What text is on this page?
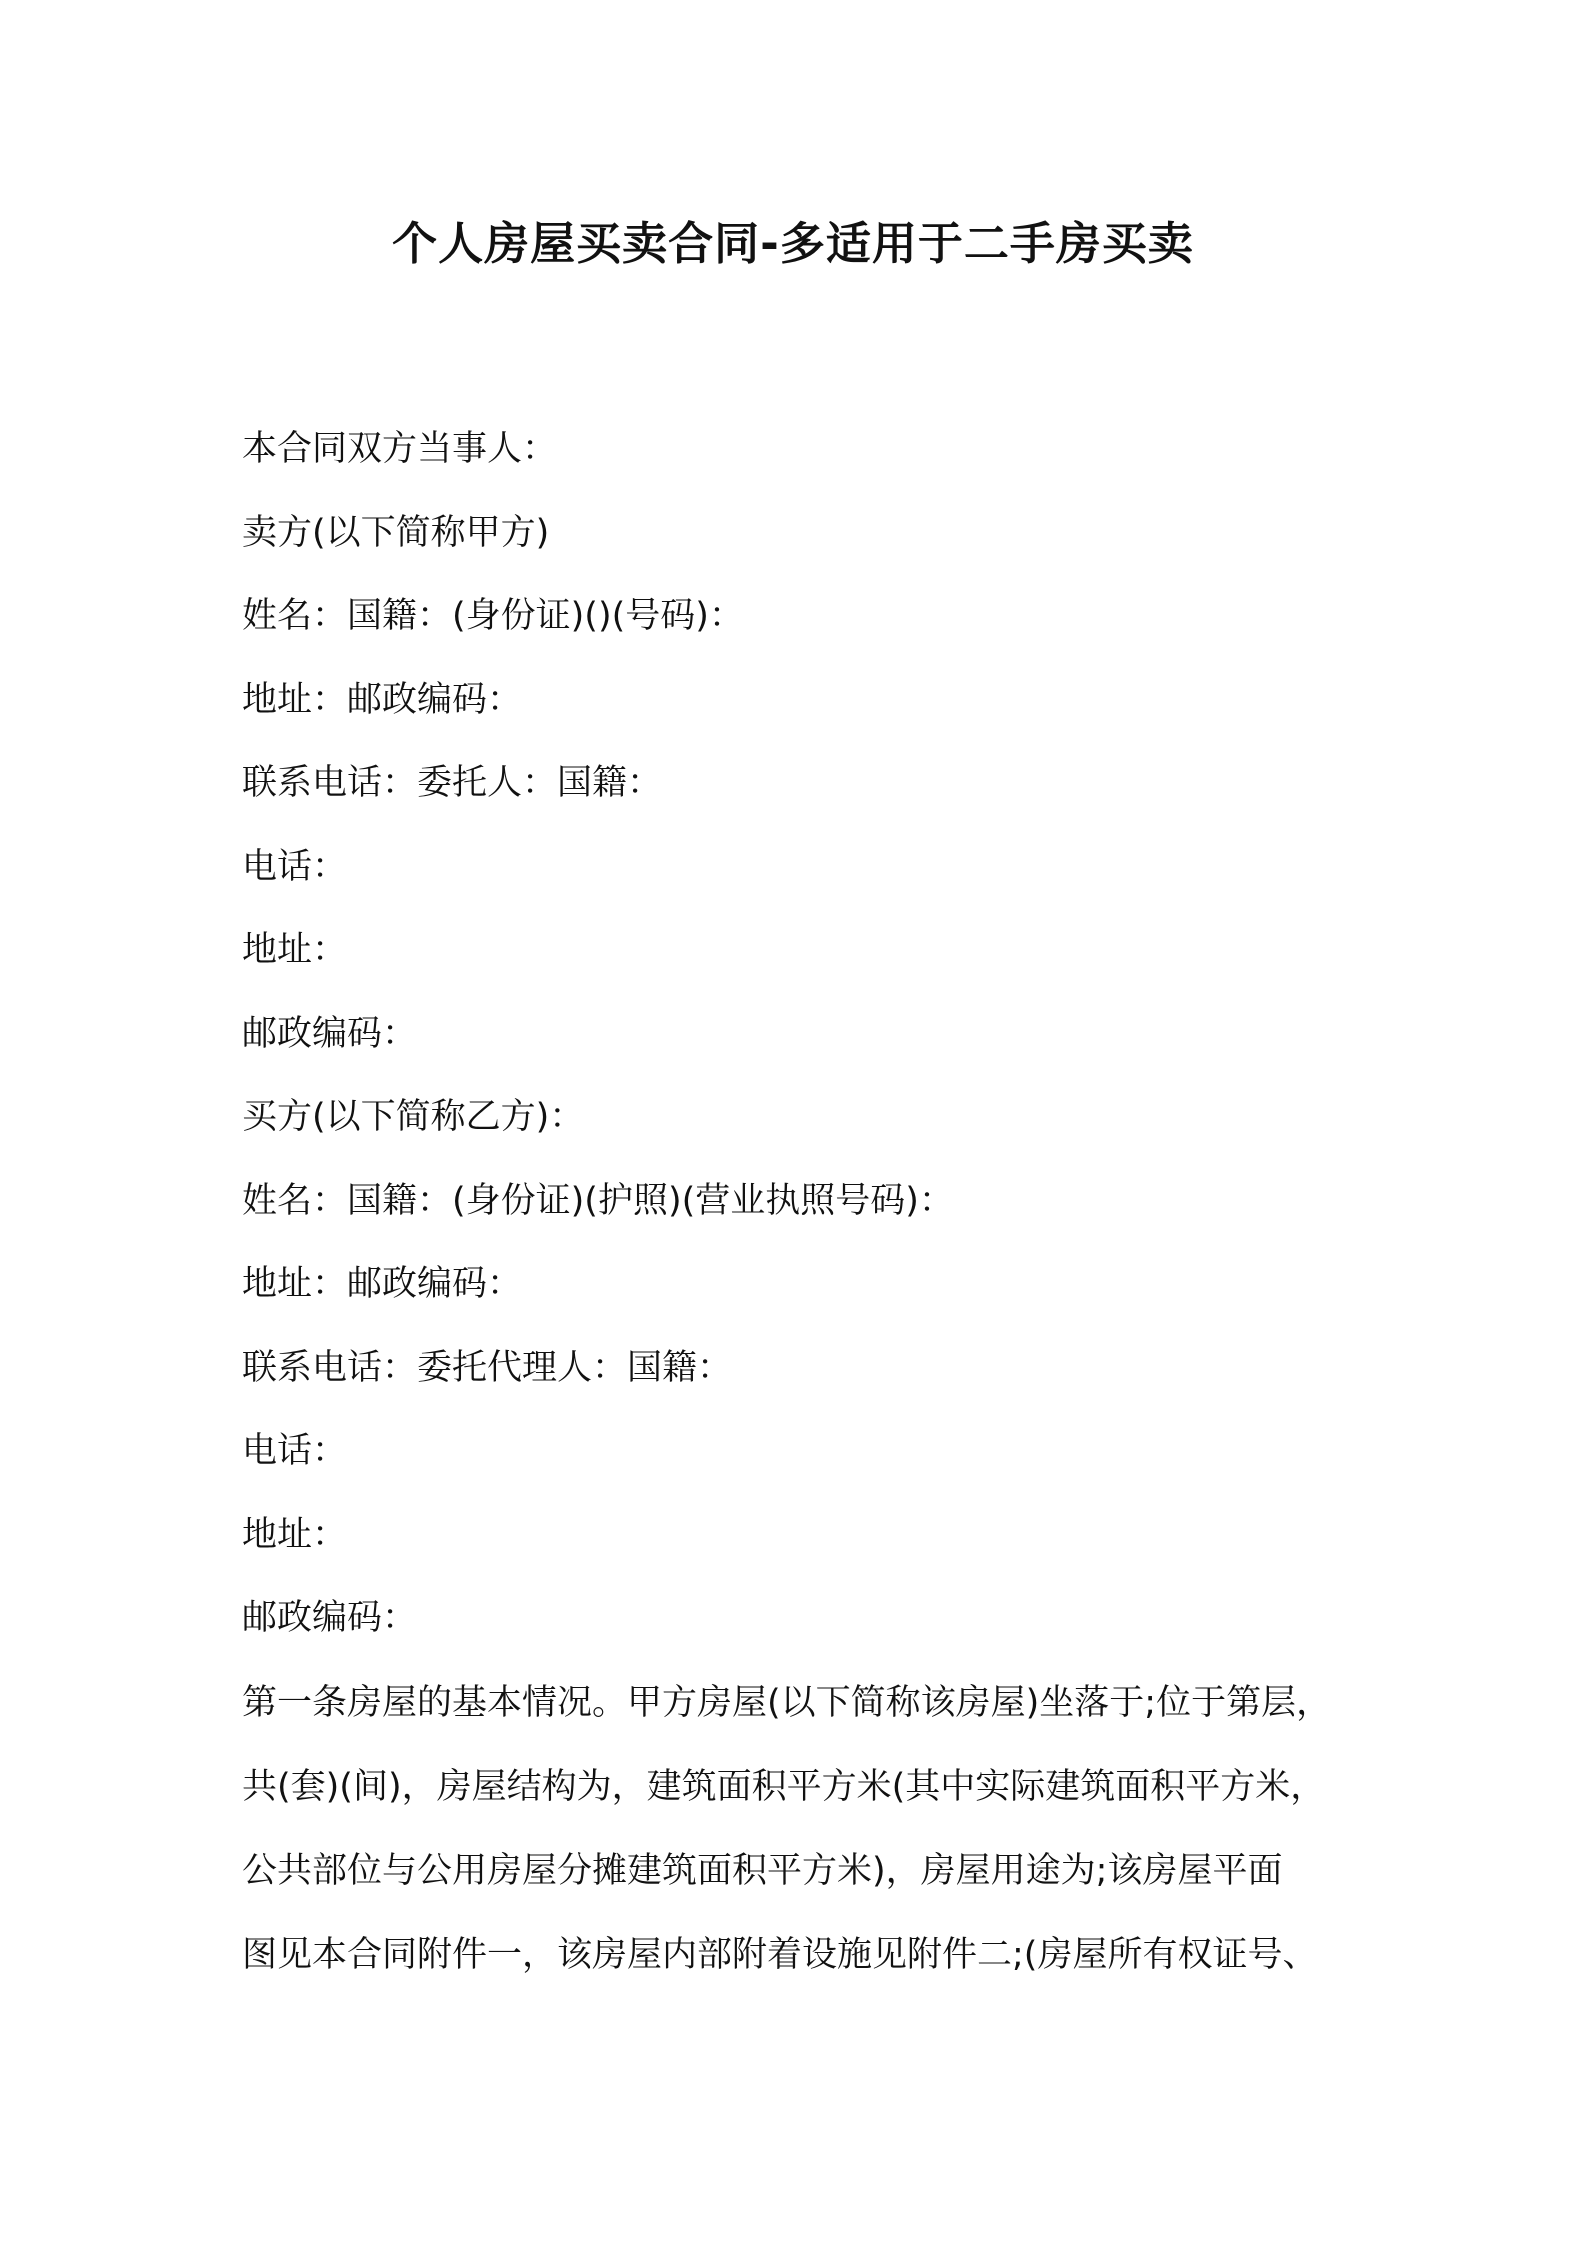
个人房屋买卖合同-多适用于二手房买卖

本合同双方当事人：

卖方(以下简称甲方)

姓名：国籍：(身份证)()(号码)：

地址：邮政编码：

联系电话：委托人：国籍：

电话：

地址：

邮政编码：

买方(以下简称乙方)：

姓名：国籍：(身份证)(护照)(营业执照号码)：

地址：邮政编码：

联系电话：委托代理人：国籍：

电话：

地址：

邮政编码：

第一条房屋的基本情况。甲方房屋(以下简称该房屋)坐落于;位于第层，
共(套)(间)，房屋结构为，建筑面积平方米(其中实际建筑面积平方米，
公共部位与公用房屋分摊建筑面积平方米)，房屋用途为;该房屋平面
图见本合同附件一，该房屋内部附着设施见附件二;(房屋所有权证号、
